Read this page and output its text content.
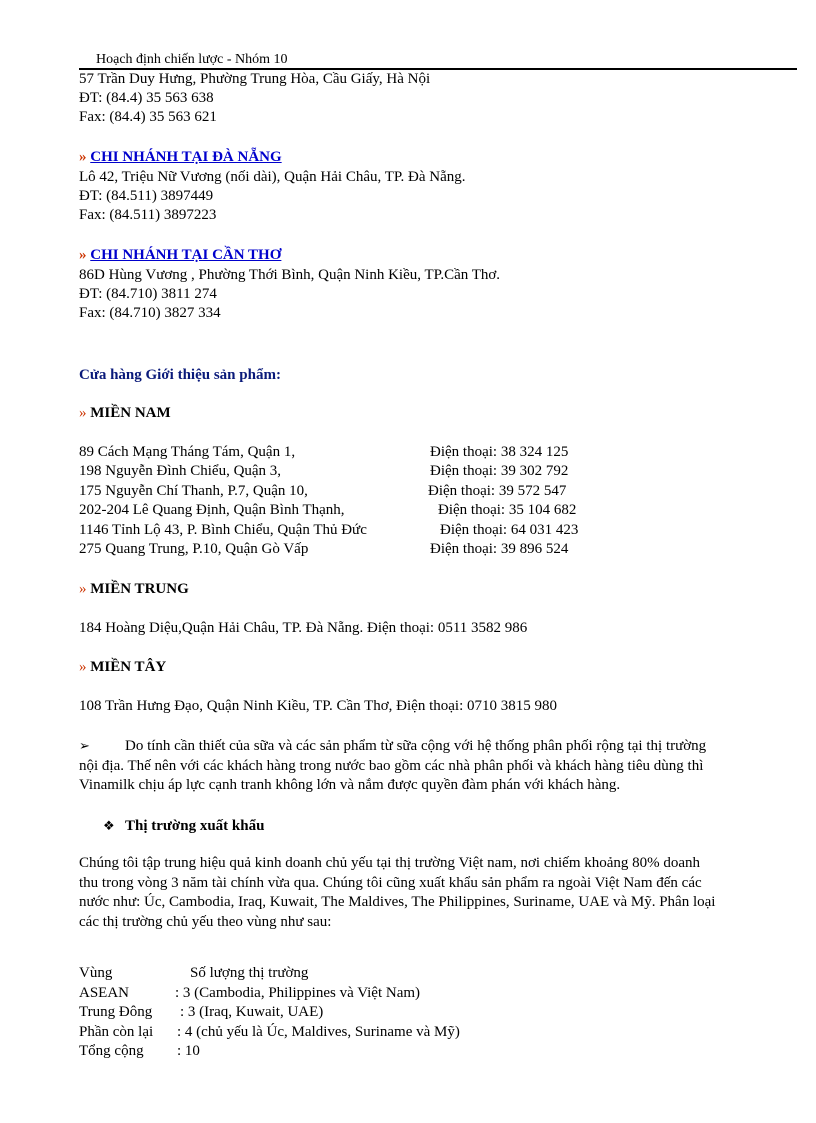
Hoạch định chiến lược - Nhóm 10
57 Trần Duy Hưng, Phường Trung Hòa, Cầu Giấy, Hà Nội
ĐT: (84.4) 35 563 638
Fax: (84.4) 35 563 621
» CHI NHÁNH TẠI ĐÀ NẴNG
Lô 42, Triệu Nữ Vương (nối dài), Quận Hải Châu, TP. Đà Nẵng.
ĐT: (84.511) 3897449
Fax: (84.511) 3897223
» CHI NHÁNH TẠI CẦN THƠ
86D Hùng Vương , Phường Thới Bình, Quận Ninh Kiều, TP.Cần Thơ.
ĐT: (84.710) 3811 274
Fax: (84.710) 3827 334
Cửa hàng Giới thiệu sản phẩm:
» MIỀN NAM
89 Cách Mạng Tháng Tám, Quận 1,	Điện thoại: 38 324 125
198 Nguyễn Đình Chiểu, Quận 3,	Điện thoại: 39 302 792
175 Nguyễn Chí Thanh, P.7, Quận 10,	Điện thoại: 39 572 547
202-204 Lê Quang Định, Quận Bình Thạnh,	Điện thoại: 35 104 682
1146 Tỉnh Lộ 43, P. Bình Chiểu, Quận Thủ Đức	Điện thoại: 64 031 423
275 Quang Trung, P.10, Quận Gò Vấp	Điện thoại: 39 896 524
» MIỀN TRUNG
184 Hoàng Diệu,Quận Hải Châu, TP. Đà Nẵng. Điện thoại: 0511 3582 986
» MIỀN TÂY
108 Trần Hưng Đạo, Quận Ninh Kiều, TP. Cần Thơ, Điện thoại: 0710 3815 980
➢ Do tính cần thiết của sữa và các sản phẩm từ sữa cộng với hệ thống phân phối rộng tại thị trường nội địa. Thế nên với các khách hàng trong nước bao gồm các nhà phân phối và khách hàng tiêu dùng thì Vinamilk chịu áp lực cạnh tranh không lớn và nắm được quyền đàm phán với khách hàng.
❖ Thị trường xuất khẩu
Chúng tôi tập trung hiệu quả kinh doanh chủ yếu tại thị trường Việt nam, nơi chiếm khoảng 80% doanh thu trong vòng 3 năm tài chính vừa qua. Chúng tôi cũng xuất khẩu sản phẩm ra ngoài Việt Nam đến các nước như: Úc, Cambodia, Iraq, Kuwait, The Maldives, The Philippines, Suriname, UAE và Mỹ. Phân loại các thị trường chủ yếu theo vùng như sau:
Vùng	Số lượng thị trường
ASEAN	: 3 (Cambodia, Philippines và Việt Nam)
Trung Đông : 3 (Iraq, Kuwait, UAE)
Phần còn lại : 4 (chủ yếu là Úc, Maldives, Suriname và Mỹ)
Tổng cộng : 10
